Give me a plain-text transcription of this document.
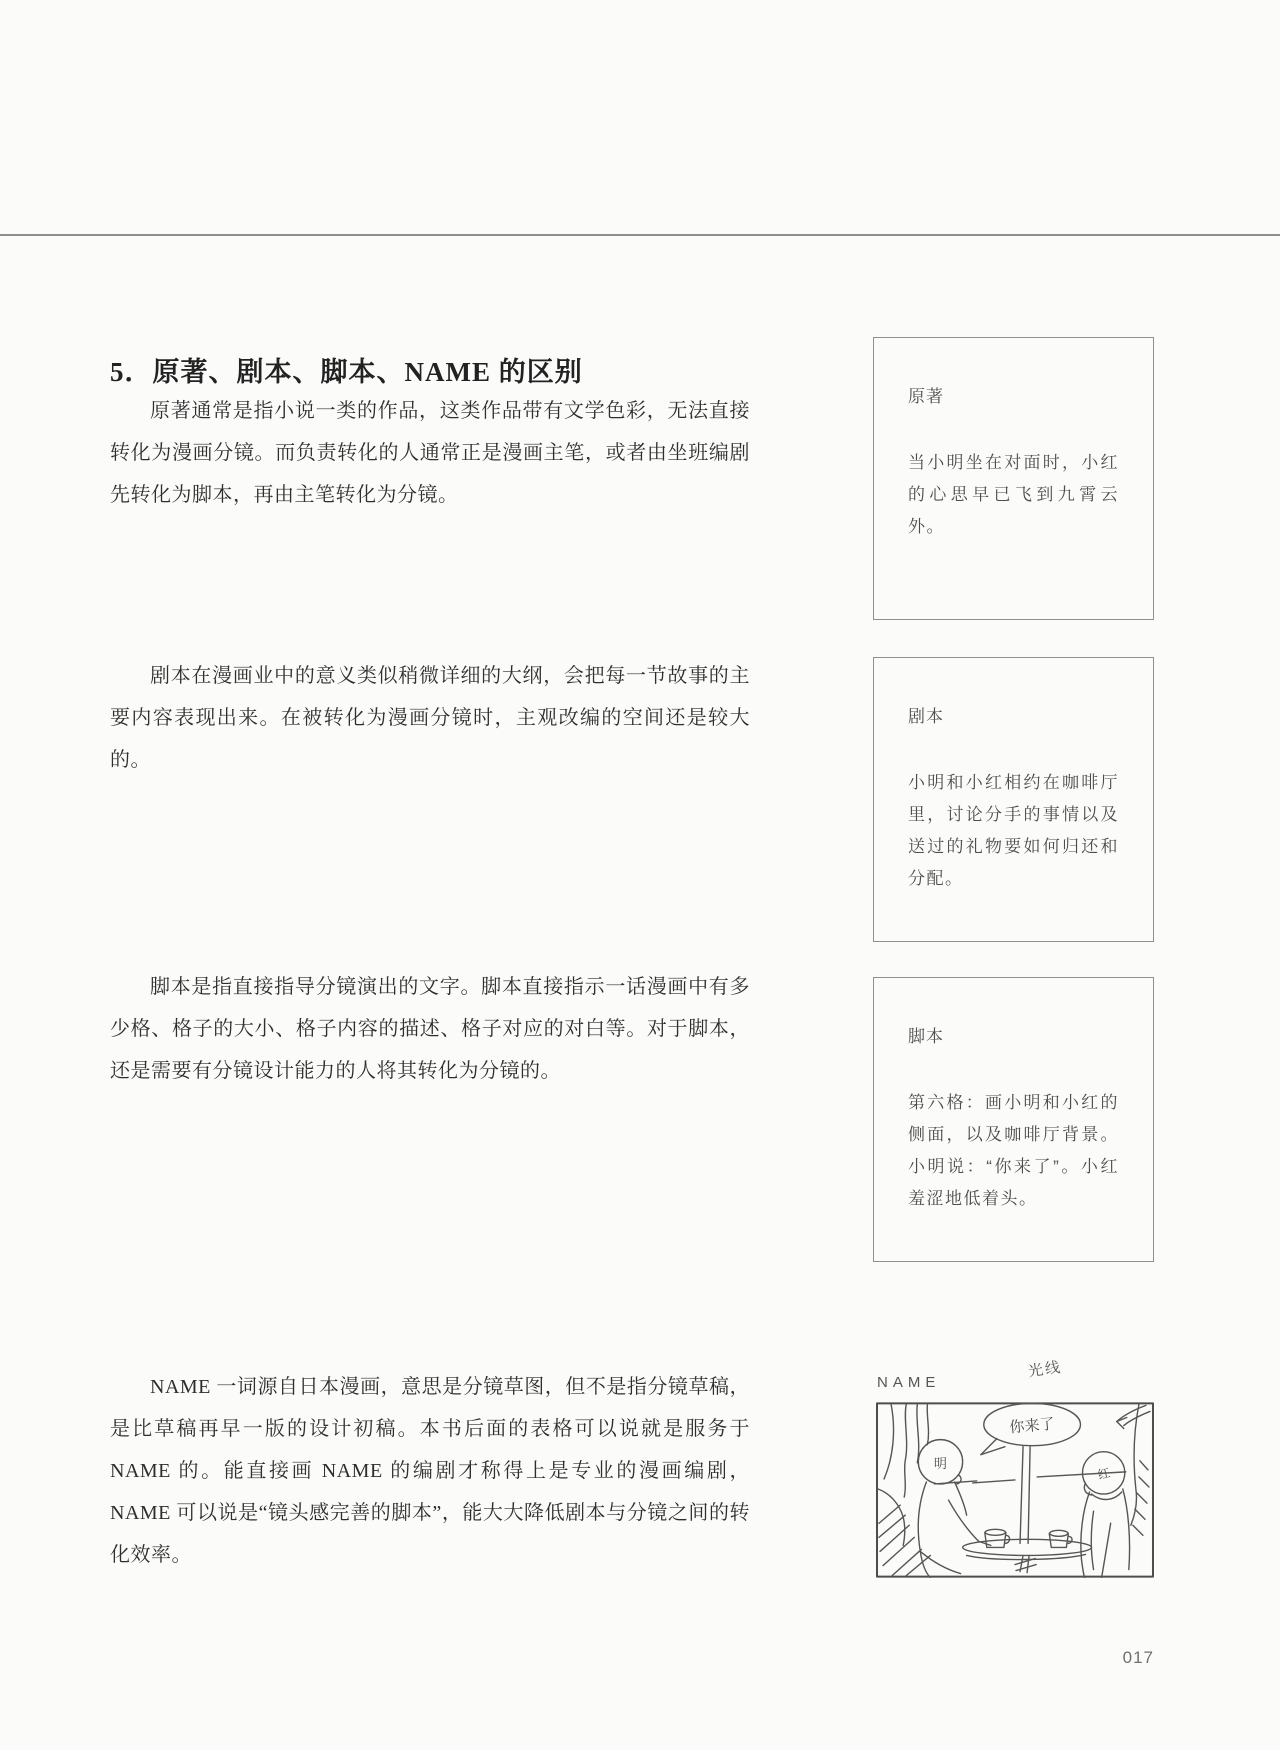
5．原著、剧本、脚本、NAME 的区别

原著通常是指小说一类的作品，这类作品带有文学色彩，无法直接转化为漫画分镜。而负责转化的人通常正是漫画主笔，或者由坐班编剧先转化为脚本，再由主笔转化为分镜。

剧本在漫画业中的意义类似稍微详细的大纲，会把每一节故事的主要内容表现出来。在被转化为漫画分镜时，主观改编的空间还是较大的。

脚本是指直接指导分镜演出的文字。脚本直接指示一话漫画中有多少格、格子的大小、格子内容的描述、格子对应的对白等。对于脚本，还是需要有分镜设计能力的人将其转化为分镜的。

NAME 一词源自日本漫画，意思是分镜草图，但不是指分镜草稿，是比草稿再早一版的设计初稿。本书后面的表格可以说就是服务于 NAME 的。能直接画 NAME 的编剧才称得上是专业的漫画编剧，NAME 可以说是“镜头感完善的脚本”，能大大降低剧本与分镜之间的转化效率。

原著

当小明坐在对面时，小红的心思早已飞到九霄云外。

剧本

小明和小红相约在咖啡厅里，讨论分手的事情以及送过的礼物要如何归还和分配。

脚本

第六格：画小明和小红的侧面，以及咖啡厅背景。小明说：“你来了”。小红羞涩地低着头。

NAME
光线
明
你来了
红
017
